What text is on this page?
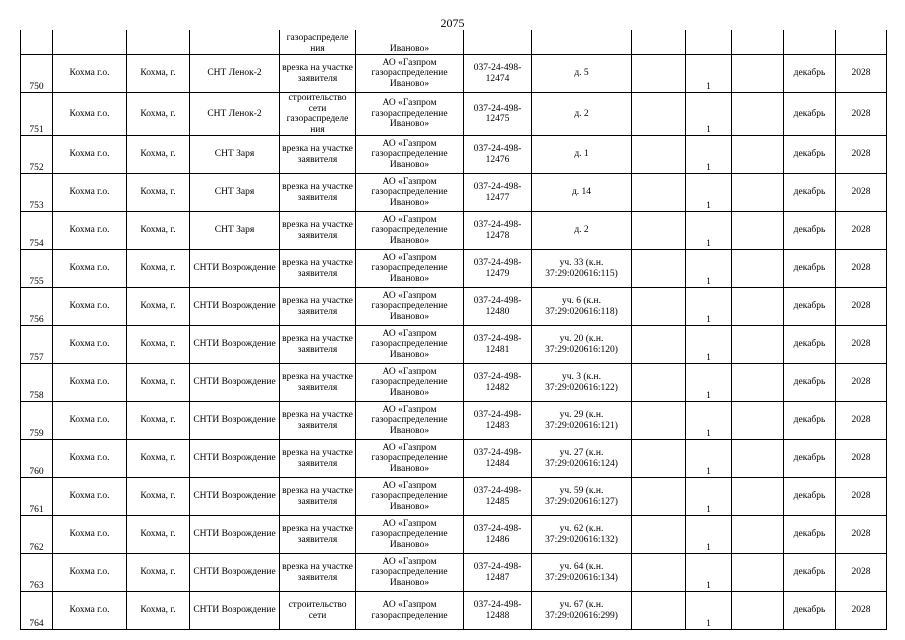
2075
				газораспределе ния	Иваново»							
750	Кохма г.о.	Кохма, г.	СНТ Ленок-2	врезка на участке заявителя	АО «Газпром газораспределение Иваново»	037-24-498-12474	д. 5		1		декабрь	2028
751	Кохма г.о.	Кохма, г.	СНТ Ленок-2	строительство сети газораспределе ния	АО «Газпром газораспределение Иваново»	037-24-498-12475	д. 2		1		декабрь	2028
752	Кохма г.о.	Кохма, г.	СНТ Заря	врезка на участке заявителя	АО «Газпром газораспределение Иваново»	037-24-498-12476	д. 1		1		декабрь	2028
753	Кохма г.о.	Кохма, г.	СНТ Заря	врезка на участке заявителя	АО «Газпром газораспределение Иваново»	037-24-498-12477	д. 14		1		декабрь	2028
754	Кохма г.о.	Кохма, г.	СНТ Заря	врезка на участке заявителя	АО «Газпром газораспределение Иваново»	037-24-498-12478	д. 2		1		декабрь	2028
755	Кохма г.о.	Кохма, г.	СНТИ Возрождение	врезка на участке заявителя	АО «Газпром газораспределение Иваново»	037-24-498-12479	уч. 33 (к.н. 37:29:020616:115)		1		декабрь	2028
756	Кохма г.о.	Кохма, г.	СНТИ Возрождение	врезка на участке заявителя	АО «Газпром газораспределение Иваново»	037-24-498-12480	уч. 6 (к.н. 37:29:020616:118)		1		декабрь	2028
757	Кохма г.о.	Кохма, г.	СНТИ Возрождение	врезка на участке заявителя	АО «Газпром газораспределение Иваново»	037-24-498-12481	уч. 20 (к.н. 37:29:020616:120)		1		декабрь	2028
758	Кохма г.о.	Кохма, г.	СНТИ Возрождение	врезка на участке заявителя	АО «Газпром газораспределение Иваново»	037-24-498-12482	уч. 3 (к.н. 37:29:020616:122)		1		декабрь	2028
759	Кохма г.о.	Кохма, г.	СНТИ Возрождение	врезка на участке заявителя	АО «Газпром газораспределение Иваново»	037-24-498-12483	уч. 29 (к.н. 37:29:020616:121)		1		декабрь	2028
760	Кохма г.о.	Кохма, г.	СНТИ Возрождение	врезка на участке заявителя	АО «Газпром газораспределение Иваново»	037-24-498-12484	уч. 27 (к.н. 37:29:020616:124)		1		декабрь	2028
761	Кохма г.о.	Кохма, г.	СНТИ Возрождение	врезка на участке заявителя	АО «Газпром газораспределение Иваново»	037-24-498-12485	уч. 59 (к.н. 37:29:020616:127)		1		декабрь	2028
762	Кохма г.о.	Кохма, г.	СНТИ Возрождение	врезка на участке заявителя	АО «Газпром газораспределение Иваново»	037-24-498-12486	уч. 62 (к.н. 37:29:020616:132)		1		декабрь	2028
763	Кохма г.о.	Кохма, г.	СНТИ Возрождение	врезка на участке заявителя	АО «Газпром газораспределение Иваново»	037-24-498-12487	уч. 64 (к.н. 37:29:020616:134)		1		декабрь	2028
764	Кохма г.о.	Кохма, г.	СНТИ Возрождение	строительство сети	АО «Газпром газораспределение	037-24-498-12488	уч. 67 (к.н. 37:29:020616:299)		1		декабрь	2028
